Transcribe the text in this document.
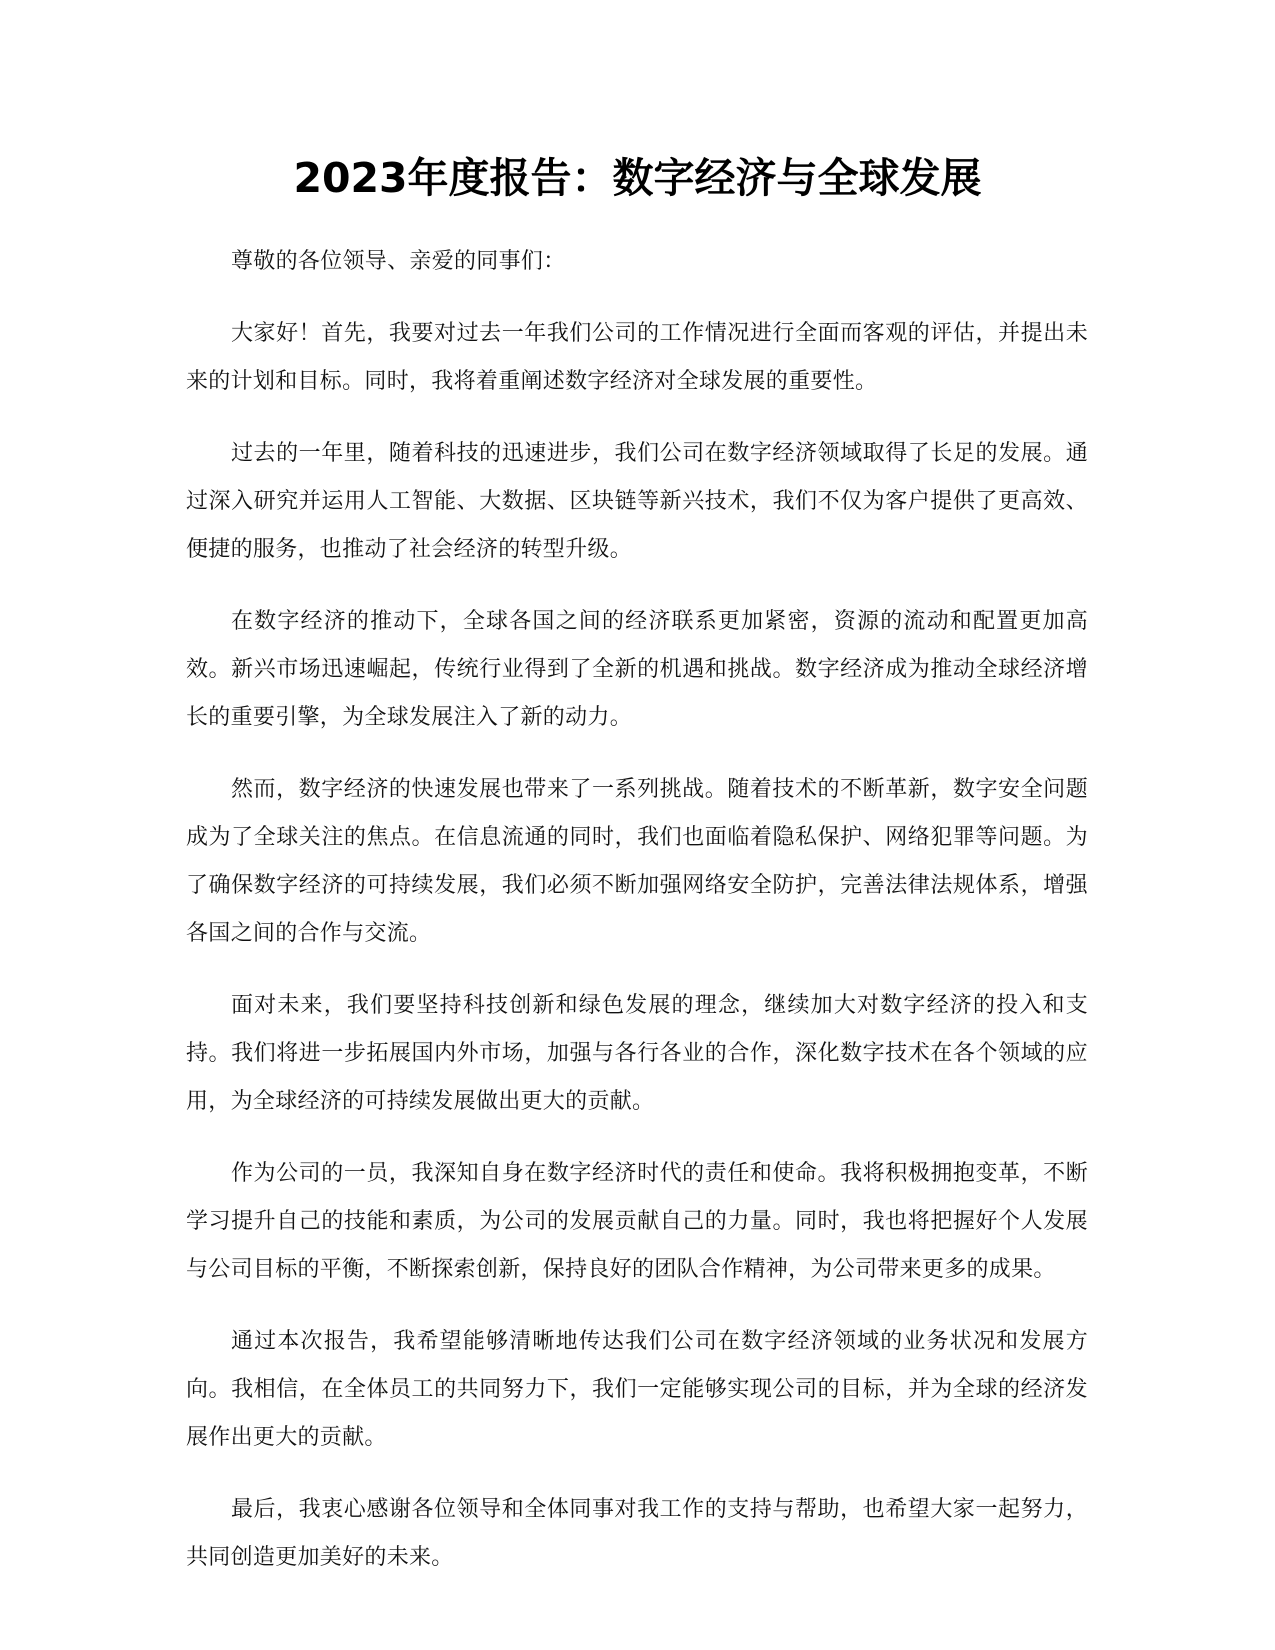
2023年度报告：数字经济与全球发展

尊敬的各位领导、亲爱的同事们：

大家好！首先，我要对过去一年我们公司的工作情况进行全面而客观的评估，并提出未来的计划和目标。同时，我将着重阐述数字经济对全球发展的重要性。

过去的一年里，随着科技的迅速进步，我们公司在数字经济领域取得了长足的发展。通过深入研究并运用人工智能、大数据、区块链等新兴技术，我们不仅为客户提供了更高效、便捷的服务，也推动了社会经济的转型升级。

在数字经济的推动下，全球各国之间的经济联系更加紧密，资源的流动和配置更加高效。新兴市场迅速崛起，传统行业得到了全新的机遇和挑战。数字经济成为推动全球经济增长的重要引擎，为全球发展注入了新的动力。

然而，数字经济的快速发展也带来了一系列挑战。随着技术的不断革新，数字安全问题成为了全球关注的焦点。在信息流通的同时，我们也面临着隐私保护、网络犯罪等问题。为了确保数字经济的可持续发展，我们必须不断加强网络安全防护，完善法律法规体系，增强各国之间的合作与交流。

面对未来，我们要坚持科技创新和绿色发展的理念，继续加大对数字经济的投入和支持。我们将进一步拓展国内外市场，加强与各行各业的合作，深化数字技术在各个领域的应用，为全球经济的可持续发展做出更大的贡献。

作为公司的一员，我深知自身在数字经济时代的责任和使命。我将积极拥抱变革，不断学习提升自己的技能和素质，为公司的发展贡献自己的力量。同时，我也将把握好个人发展与公司目标的平衡，不断探索创新，保持良好的团队合作精神，为公司带来更多的成果。

通过本次报告，我希望能够清晰地传达我们公司在数字经济领域的业务状况和发展方向。我相信，在全体员工的共同努力下，我们一定能够实现公司的目标，并为全球的经济发展作出更大的贡献。

最后，我衷心感谢各位领导和全体同事对我工作的支持与帮助，也希望大家一起努力，共同创造更加美好的未来。
